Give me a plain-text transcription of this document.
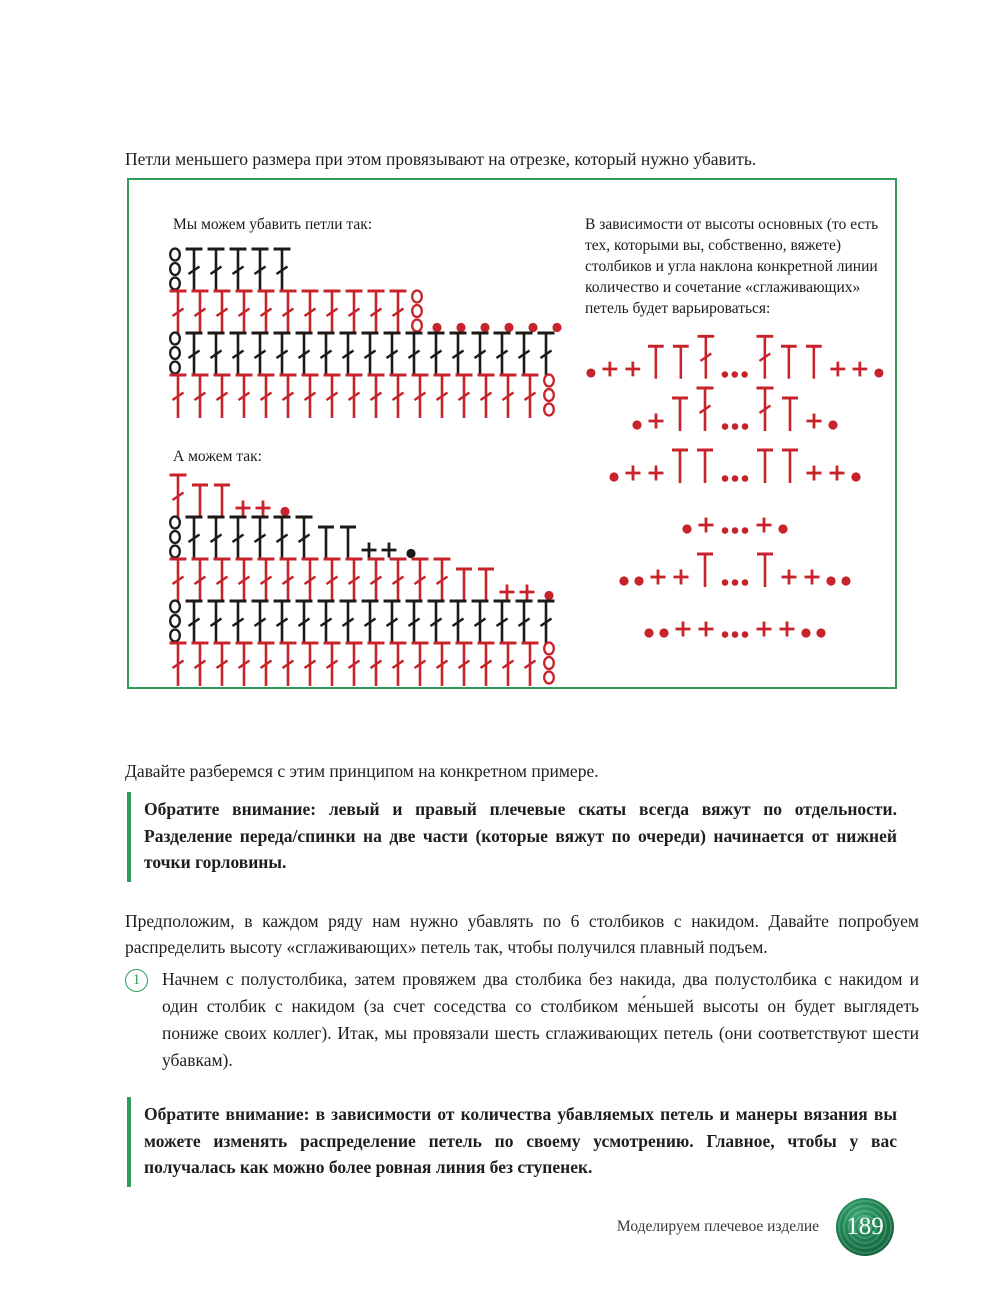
Петли меньшего размера при этом провязывают на отрезке, который нужно убавить.

Мы можем убавить петли так:
А можем так:
В зависимости от высоты основных (то есть тех, которыми вы, собственно, вяжете) столбиков и угла наклона конкретной линии количество и сочетание «сглаживающих» петель будет варьироваться:

Давайте разберемся с этим принципом на конкретном примере.

Обратите внимание: левый и правый плечевые скаты всегда вяжут по отдельности. Разделение переда/спинки на две части (которые вяжут по очереди) начинается от нижней точки горловины.

Предположим, в каждом ряду нам нужно убавлять по 6 столбиков с накидом. Давайте попробуем распределить высоту «сглаживающих» петель так, чтобы получился плавный подъем.

1	Начнем с полустолбика, затем провяжем два столбика без накида, два полустолбика с накидом и один столбик с накидом (за счет соседства со столбиком ме́ньшей высоты он будет выглядеть пониже своих коллег). Итак, мы провязали шесть сглаживающих петель (они соответствуют шести убавкам).
Обратите внимание: в зависимости от количества убавляемых петель и манеры вязания вы можете изменять распределение петель по своему усмотрению. Главное, чтобы у вас получалась как можно более ровная линия без ступенек.
Моделируем плечевое изделие 189
